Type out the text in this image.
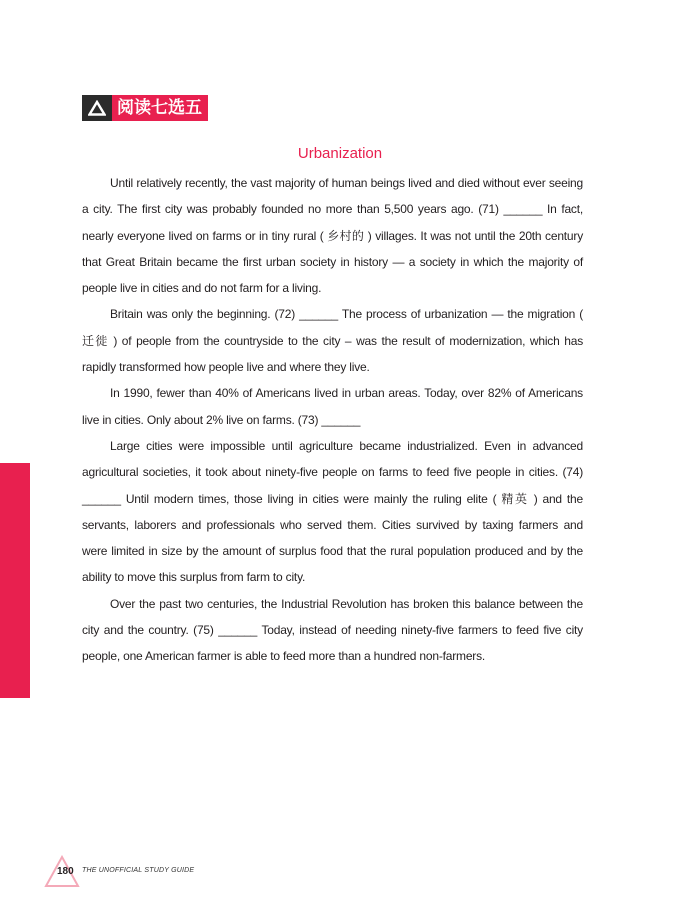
阅读七选五
Urbanization

Until relatively recently, the vast majority of human beings lived and died without ever seeing a city. The first city was probably founded no more than 5,500 years ago. (71) ______ In fact, nearly everyone lived on farms or in tiny rural ( 乡村的 ) villages. It was not until the 20th century that Great Britain became the first urban society in history — a society in which the majority of people live in cities and do not farm for a living.

Britain was only the beginning. (72) ______ The process of urbanization — the migration ( 迁徙 ) of people from the countryside to the city – was the result of modernization, which has rapidly transformed how people live and where they live.

In 1990, fewer than 40% of Americans lived in urban areas. Today, over 82% of Americans live in cities. Only about 2% live on farms. (73) ______

Large cities were impossible until agriculture became industrialized. Even in advanced agricultural societies, it took about ninety-five people on farms to feed five people in cities. (74) ______ Until modern times, those living in cities were mainly the ruling elite ( 精英 ) and the servants, laborers and professionals who served them. Cities survived by taxing farmers and were limited in size by the amount of surplus food that the rural population produced and by the ability to move this surplus from farm to city.

Over the past two centuries, the Industrial Revolution has broken this balance between the city and the country. (75) ______ Today, instead of needing ninety-five farmers to feed five city people, one American farmer is able to feed more than a hundred non-farmers.

180 THE UNOFFICIAL STUDY GUIDE
